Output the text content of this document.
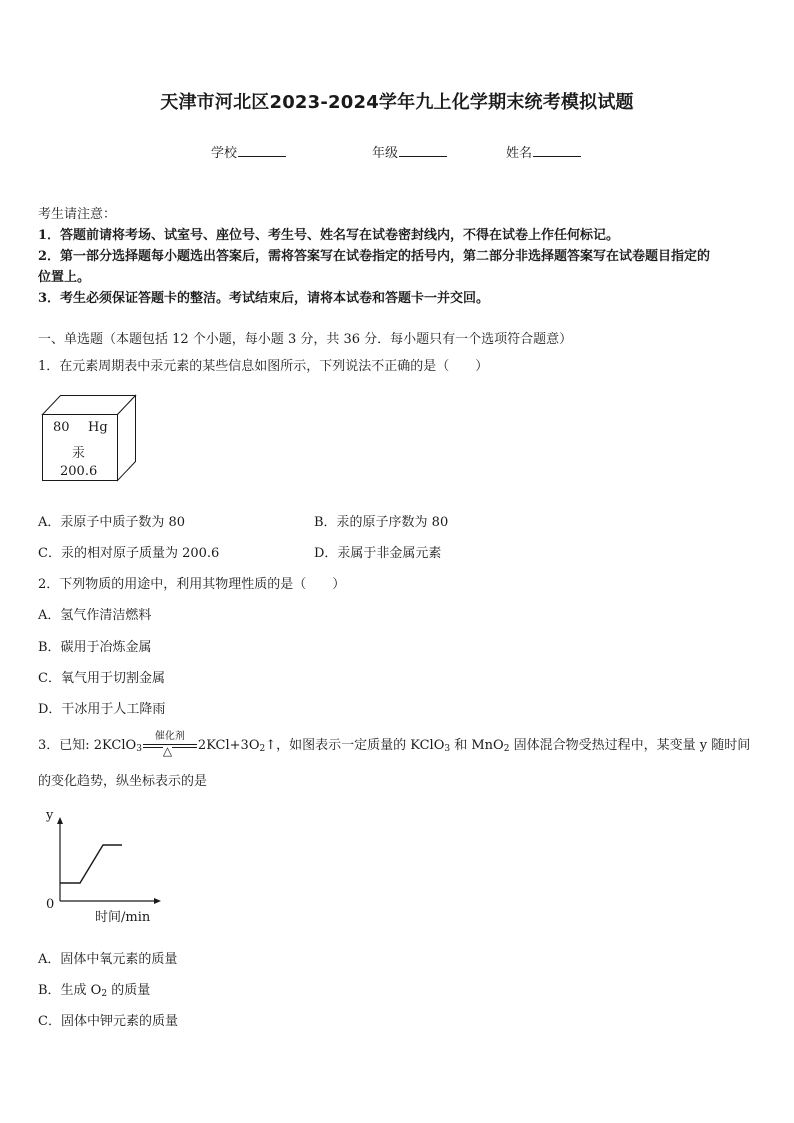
天津市河北区2023-2024学年九上化学期末统考模拟试题
学校	年级	姓名
考生请注意：
1．答题前请将考场、试室号、座位号、考生号、姓名写在试卷密封线内，不得在试卷上作任何标记。
2．第一部分选择题每小题选出答案后，需将答案写在试卷指定的括号内，第二部分非选择题答案写在试卷题目指定的
位置上。
3．考生必须保证答题卡的整洁。考试结束后，请将本试卷和答题卡一并交回。
一、单选题（本题包括 12 个小题，每小题 3 分，共 36 分．每小题只有一个选项符合题意）
1．在元素周期表中汞元素的某些信息如图所示，下列说法不正确的是（　　）
80 Hg
汞
200.6
A．汞原子中质子数为 80	B．汞的原子序数为 80
C．汞的相对原子质量为 200.6	D．汞属于非金属元素
2．下列物质的用途中，利用其物理性质的是（　　）
A．氢气作清洁燃料
B．碳用于冶炼金属
C．氧气用于切割金属
D．干冰用于人工降雨
3．已知: 2KClO$_3$
催化剂
△ $2KCl+3O_2↑$，如图表示一定质量的 KClO$_3$ 和 MnO$_2$ 固体混合物受热过程中，某变量 y 随时间
的变化趋势，纵坐标表示的是
y
0
时间/min
A．固体中氧元素的质量
B．生成 $O_2$ 的质量
C．固体中钾元素的质量
